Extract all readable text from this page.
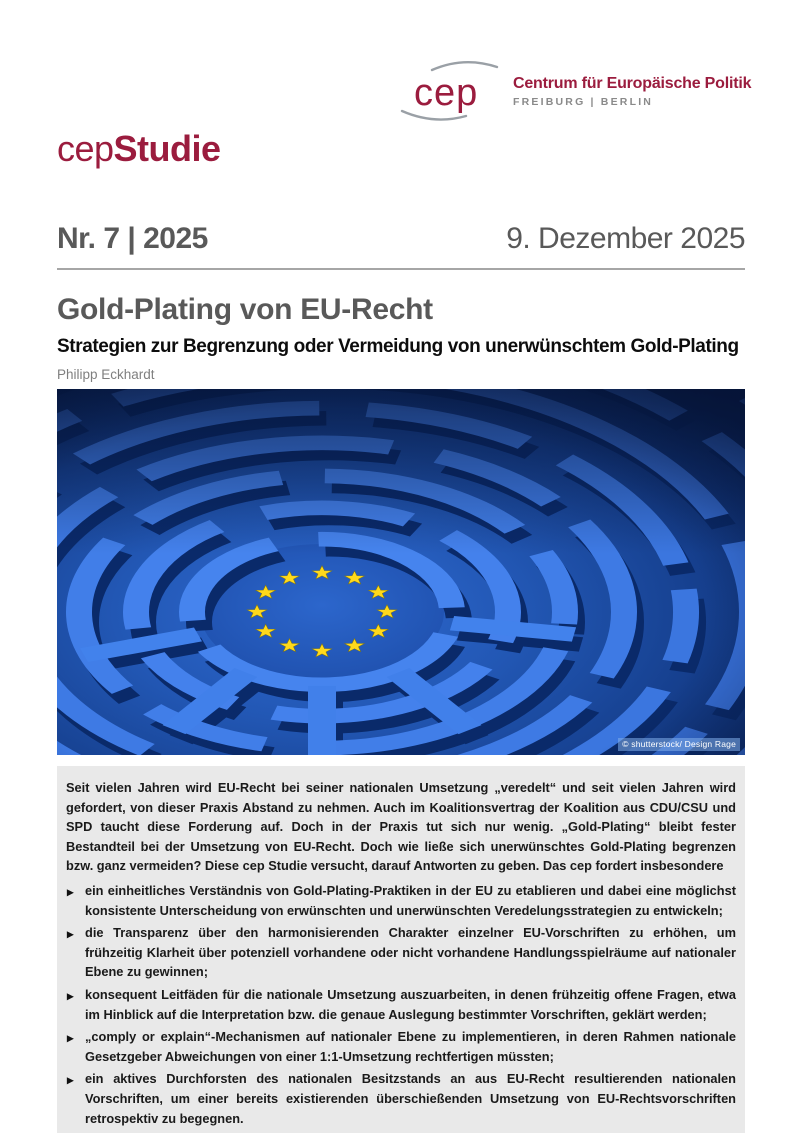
cep Centrum für Europäische Politik
FREIBURG | BERLIN
cepStudie
Nr. 7 | 2025	9. Dezember 2025
Gold-Plating von EU-Recht
Strategien zur Begrenzung oder Vermeidung von unerwünschtem Gold-Plating
Philipp Eckhardt
© shutterstock/ Design Rage

Seit vielen Jahren wird EU-Recht bei seiner nationalen Umsetzung „veredelt“ und seit vielen Jahren wird gefordert, von dieser Praxis Abstand zu nehmen. Auch im Koalitionsvertrag der Koalition aus CDU/CSU und SPD taucht diese Forderung auf. Doch in der Praxis tut sich nur wenig. „Gold-Plating“ bleibt fester Bestandteil bei der Umsetzung von EU-Recht. Doch wie ließe sich unerwünschtes Gold-Plating begrenzen bzw. ganz vermeiden? Diese cep Studie versucht, darauf Antworten zu geben. Das cep fordert insbesondere

▶ ein einheitliches Verständnis von Gold-Plating-Praktiken in der EU zu etablieren und dabei eine möglichst konsistente Unterscheidung von erwünschten und unerwünschten Veredelungsstrategien zu entwickeln;
▶ die Transparenz über den harmonisierenden Charakter einzelner EU-Vorschriften zu erhöhen, um frühzeitig Klarheit über potenziell vorhandene oder nicht vorhandene Handlungsspielräume auf nationaler Ebene zu gewinnen;
▶ konsequent Leitfäden für die nationale Umsetzung auszuarbeiten, in denen frühzeitig offene Fragen, etwa im Hinblick auf die Interpretation bzw. die genaue Auslegung bestimmter Vorschriften, geklärt werden;
▶ „comply or explain“-Mechanismen auf nationaler Ebene zu implementieren, in deren Rahmen nationale Gesetzgeber Abweichungen von einer 1:1-Umsetzung rechtfertigen müssten;
▶ ein aktives Durchforsten des nationalen Besitzstands an aus EU-Recht resultierenden nationalen Vorschriften, um einer bereits existierenden überschießenden Umsetzung von EU-Rechtsvorschriften retrospektiv zu begegnen.
